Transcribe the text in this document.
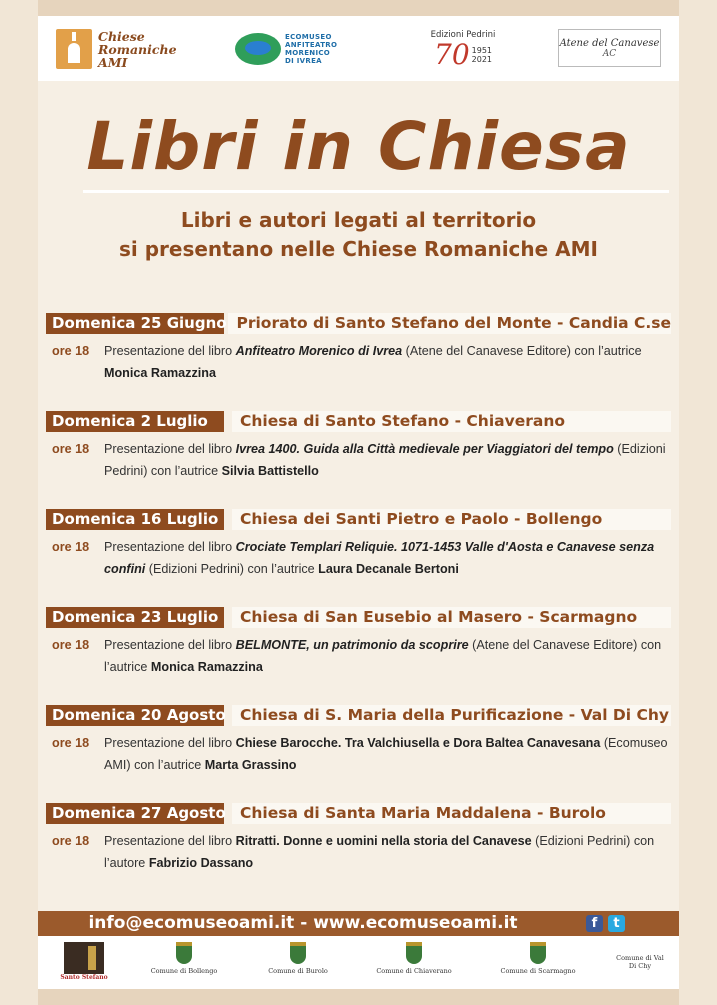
Chiese
Romaniche
AMI
ECOMUSEO
ANFITEATRO
MORENICO
DI IVREA
Edizioni Pedrini
70 1951
2021
Atene del Canavese
AC
Libri in Chiesa
Libri e autori legati al territorio
si presentano nelle Chiese Romaniche AMI
Domenica 25 Giugno Priorato di Santo Stefano del Monte - Candia C.se
ore 18	Presentazione del libro Anfiteatro Morenico di Ivrea (Atene del Canavese Editore) con l’autrice Monica Ramazzina
Domenica 2 Luglio	Chiesa di Santo Stefano - Chiaverano
ore 18	Presentazione del libro Ivrea 1400. Guida alla Città medievale per Viaggiatori del tempo (Edizioni Pedrini) con l’autrice Silvia Battistello
Domenica 16 Luglio	Chiesa dei Santi Pietro e Paolo - Bollengo
ore 18	Presentazione del libro Crociate Templari Reliquie. 1071-1453 Valle d'Aosta e Canavese senza confini (Edizioni Pedrini) con l’autrice Laura Decanale Bertoni
Domenica 23 Luglio	Chiesa di San Eusebio al Masero - Scarmagno
ore 18	Presentazione del libro BELMONTE, un patrimonio da scoprire (Atene del Canavese Editore) con l’autrice Monica Ramazzina
Domenica 20 Agosto Chiesa di S. Maria della Purificazione - Val Di Chy
ore 18	Presentazione del libro Chiese Barocche. Tra Valchiusella e Dora Baltea Canavesana (Ecomuseo AMI) con l’autrice Marta Grassino
Domenica 27 Agosto Chiesa di Santa Maria Maddalena - Burolo
ore 18	Presentazione del libro Ritratti. Donne e uomini nella storia del Canavese (Edizioni Pedrini) con l’autore Fabrizio Dassano
info@ecomuseoami.it - www.ecomuseoami.it	f	t
Santo Stefano
Comune di Bollengo	Comune di Burolo	Comune di Chiaverano	Comune di Scarmagno
Comune di Val Di Chy
